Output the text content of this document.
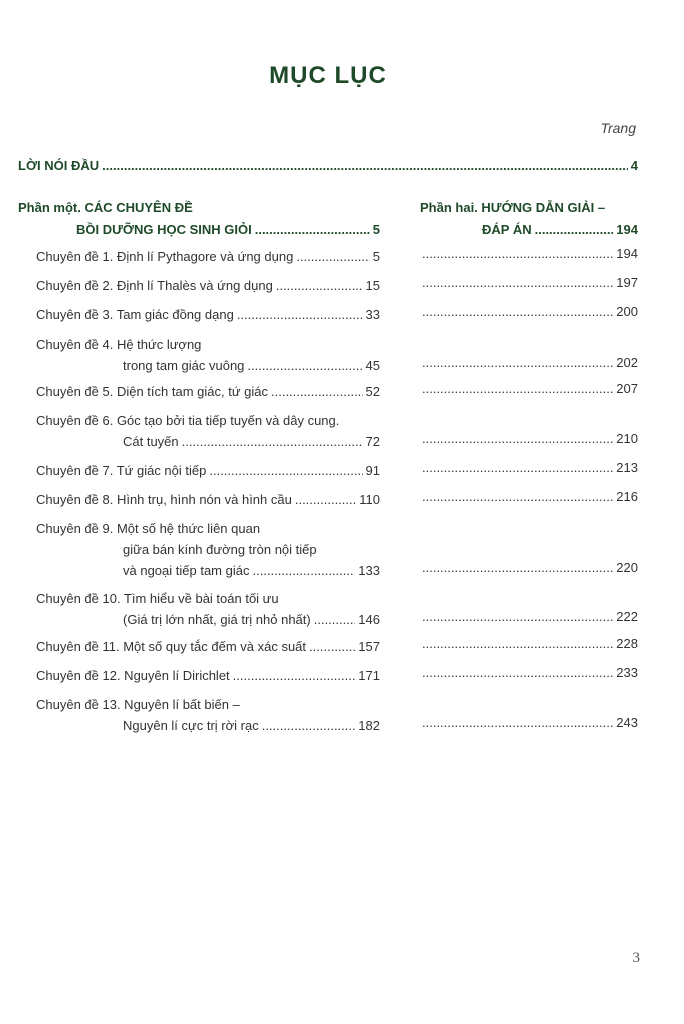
MỤC LỤC
Trang
LỜI NÓI ĐẦU .....	4
Phần một. CÁC CHUYÊN ĐỀ
BỒI DƯỠNG HỌC SINH GIỎI .....	5
Phần hai. HƯỚNG DẪN GIẢI –
ĐÁP ÁN .....	194
Chuyên đề 1. Định lí Pythagore và ứng dụng .....	5 .....	194
Chuyên đề 2. Định lí Thalès và ứng dụng .....	15 .....	197
Chuyên đề 3. Tam giác đồng dạng .....	33 .....	200
Chuyên đề 4. Hệ thức lượng
trong tam giác vuông .....	45 .....	202
Chuyên đề 5. Diện tích tam giác, tứ giác .....	52 .....	207
Chuyên đề 6. Góc tạo bởi tia tiếp tuyến và dây cung.
Cát tuyến .....	72 .....	210
Chuyên đề 7. Tứ giác nội tiếp .....	91 .....	213
Chuyên đề 8. Hình trụ, hình nón và hình cầu .....	110 .....	216
Chuyên đề 9. Một số hệ thức liên quan
giữa bán kính đường tròn nội tiếp
và ngoại tiếp tam giác .....	133 .....	220
Chuyên đề 10. Tìm hiểu về bài toán tối ưu
(Giá trị lớn nhất, giá trị nhỏ nhất) .....	146 .....	222
Chuyên đề 11. Một số quy tắc đếm và xác suất .....	157 .....	228
Chuyên đề 12. Nguyên lí Dirichlet .....	171 .....	233
Chuyên đề 13. Nguyên lí bất biến –
Nguyên lí cực trị rời rạc .....	182 .....	243
3
